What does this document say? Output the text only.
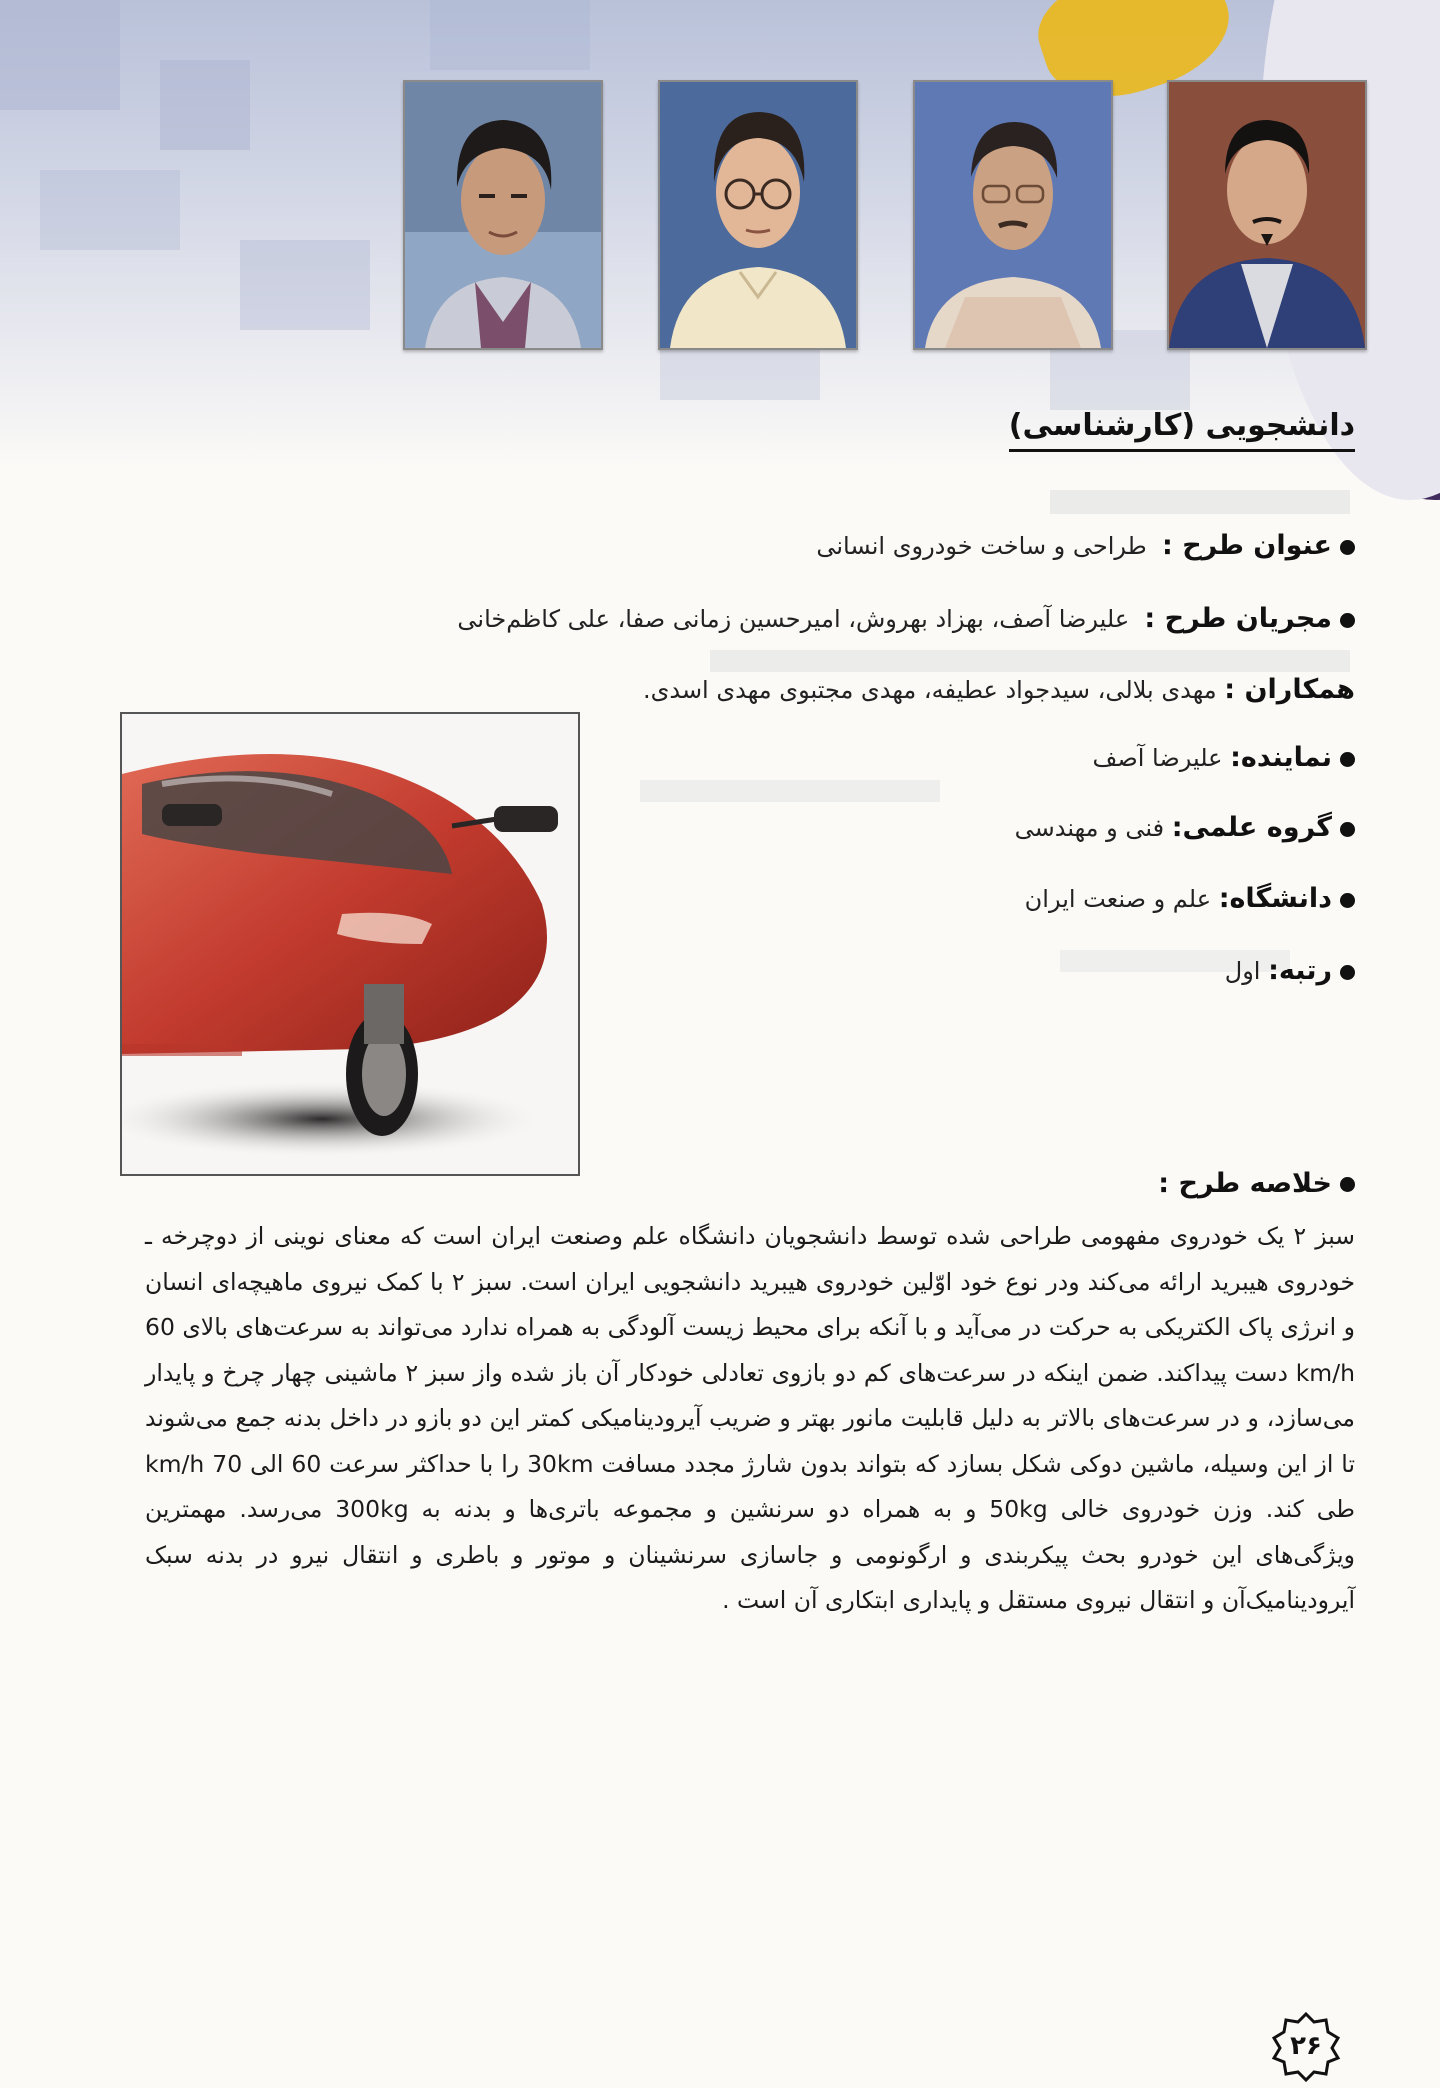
دانشجویی (کارشناسی)
عنوان طرح :  طراحی و ساخت خودروی انسانی
مجریان طرح :  علیرضا آصف، بهزاد بهروش، امیرحسین زمانی صفا، علی کاظم‌خانی
همکاران : مهدی بلالی، سیدجواد عطیفه، مهدی مجتبوی مهدی اسدی.
نماینده: علیرضا آصف
گروه علمی: فنی و مهندسی
دانشگاه: علم و صنعت ایران
رتبه: اول
خلاصه طرح :
سبز ۲ یک خودروی مفهومی طراحی شده توسط دانشجویان دانشگاه علم وصنعت ایران است که معنای نوینی از دوچرخه ـ خودروی هیبرید ارائه می‌کند ودر نوع خود اوّلین خودروی هیبرید دانشجویی ایران است. سبز ۲ با کمک نیروی ماهیچه‌ای انسان و انرژی پاک الکتریکی به حرکت در می‌آید و با آنکه برای محیط زیست آلودگی به همراه ندارد می‌تواند به سرعت‌های بالای 60 km/h دست پیداکند. ضمن اینکه در سرعت‌های کم دو بازوی تعادلی خودکار آن باز شده واز سبز ۲ ماشینی چهار چرخ و پایدار می‌سازد، و در سرعت‌های بالاتر به دلیل قابلیت مانور بهتر و ضریب آیرودینامیکی کمتر این دو بازو در داخل بدنه جمع می‌شوند تا از این وسیله، ماشین دوکی شکل بسازد که بتواند بدون شارژ مجدد مسافت 30km را با حداکثر سرعت 60 الی 70 km/h طی کند. وزن خودروی خالی 50kg و به همراه دو سرنشین و مجموعه باتری‌ها و بدنه به 300kg می‌رسد. مهمترین ویژگی‌های این خودرو بحث پیکربندی و ارگونومی و جاسازی سرنشینان و موتور و باطری و انتقال نیرو در بدنه سبک آیرودینامیک‌آن و انتقال نیروی مستقل و پایداری ابتکاری آن است .
۲۶
